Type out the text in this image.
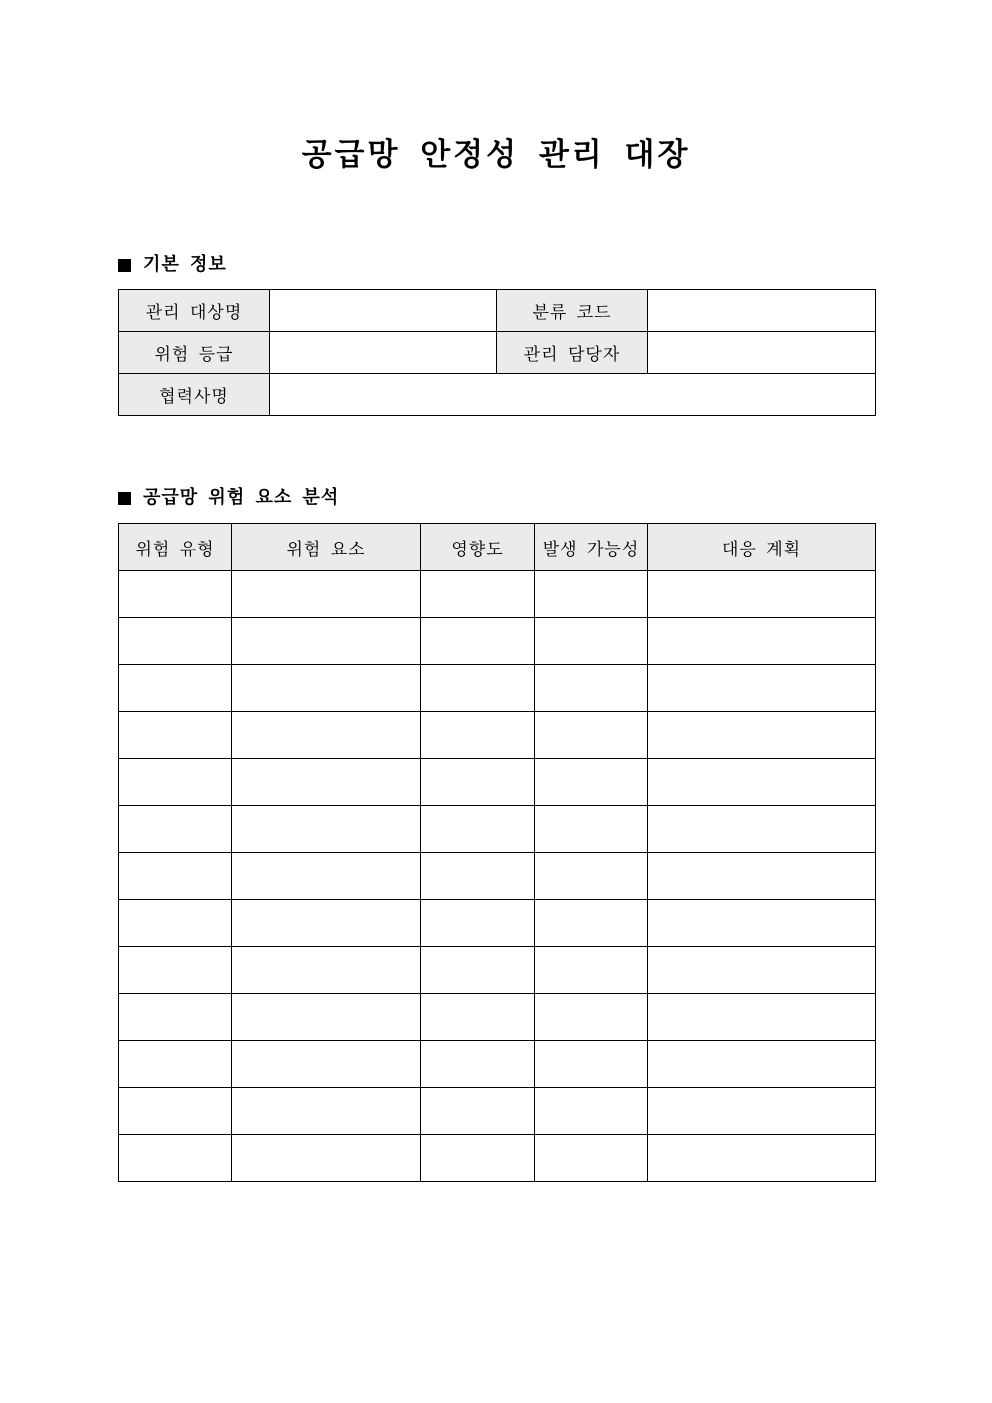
공급망 안정성 관리 대장
기본 정보
관리 대상명		분류 코드	
위험 등급		관리 담당자	
협력사명			
공급망 위험 요소 분석
위험 유형	위험 요소	영향도	발생 가능성	대응 계획
